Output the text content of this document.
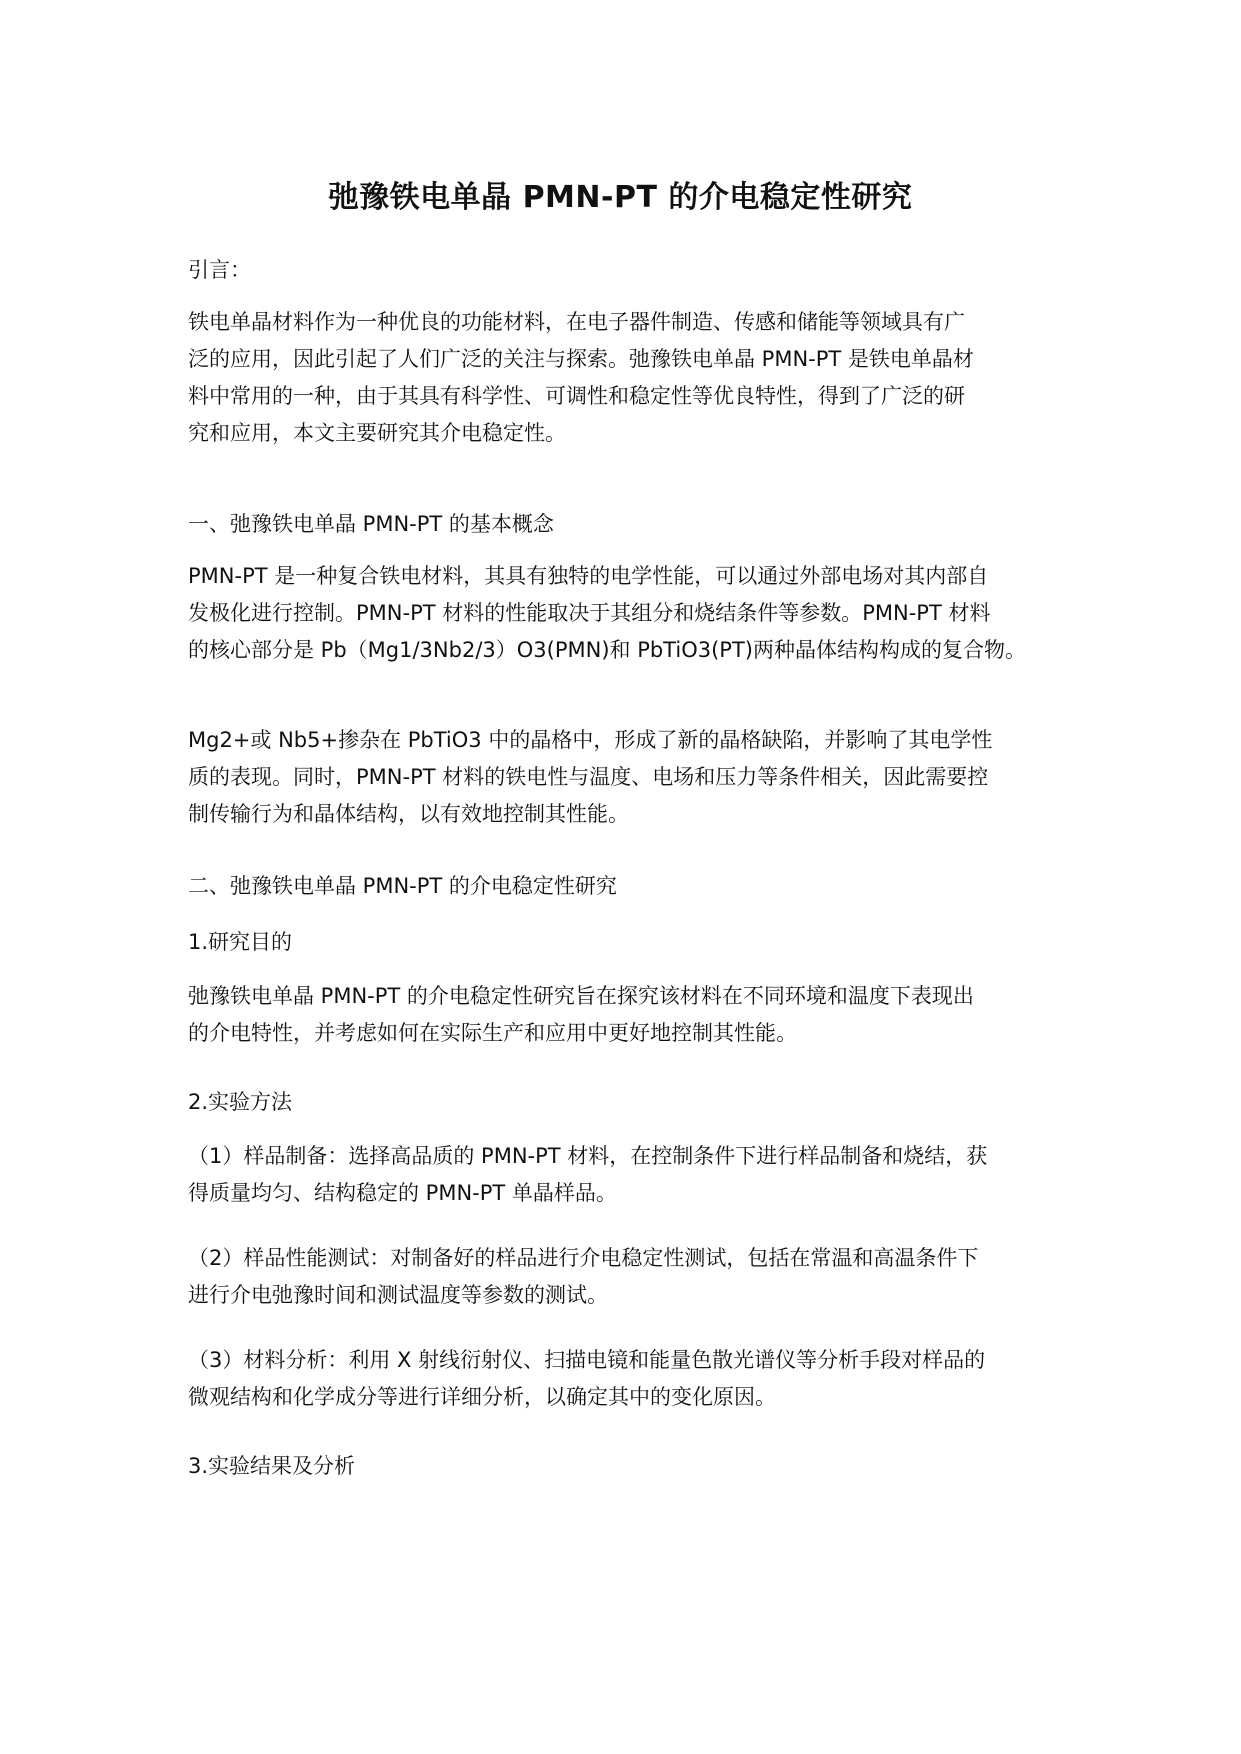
弛豫铁电单晶 PMN-PT 的介电稳定性研究
引言：
铁电单晶材料作为一种优良的功能材料，在电子器件制造、传感和储能等领域具有广
泛的应用，因此引起了人们广泛的关注与探索。弛豫铁电单晶 PMN-PT 是铁电单晶材
料中常用的一种，由于其具有科学性、可调性和稳定性等优良特性，得到了广泛的研
究和应用，本文主要研究其介电稳定性。
一、弛豫铁电单晶 PMN-PT 的基本概念
PMN-PT 是一种复合铁电材料，其具有独特的电学性能，可以通过外部电场对其内部自
发极化进行控制。PMN-PT 材料的性能取决于其组分和烧结条件等参数。PMN-PT 材料
的核心部分是 Pb（Mg1/3Nb2/3）O3(PMN)和 PbTiO3(PT)两种晶体结构构成的复合物。
Mg2+或 Nb5+掺杂在 PbTiO3 中的晶格中，形成了新的晶格缺陷，并影响了其电学性
质的表现。同时，PMN-PT 材料的铁电性与温度、电场和压力等条件相关，因此需要控
制传输行为和晶体结构，以有效地控制其性能。
二、弛豫铁电单晶 PMN-PT 的介电稳定性研究
1.研究目的
弛豫铁电单晶 PMN-PT 的介电稳定性研究旨在探究该材料在不同环境和温度下表现出
的介电特性，并考虑如何在实际生产和应用中更好地控制其性能。
2.实验方法
（1）样品制备：选择高品质的 PMN-PT 材料，在控制条件下进行样品制备和烧结，获
得质量均匀、结构稳定的 PMN-PT 单晶样品。
（2）样品性能测试：对制备好的样品进行介电稳定性测试，包括在常温和高温条件下
进行介电弛豫时间和测试温度等参数的测试。
（3）材料分析：利用 X 射线衍射仪、扫描电镜和能量色散光谱仪等分析手段对样品的
微观结构和化学成分等进行详细分析，以确定其中的变化原因。
3.实验结果及分析
